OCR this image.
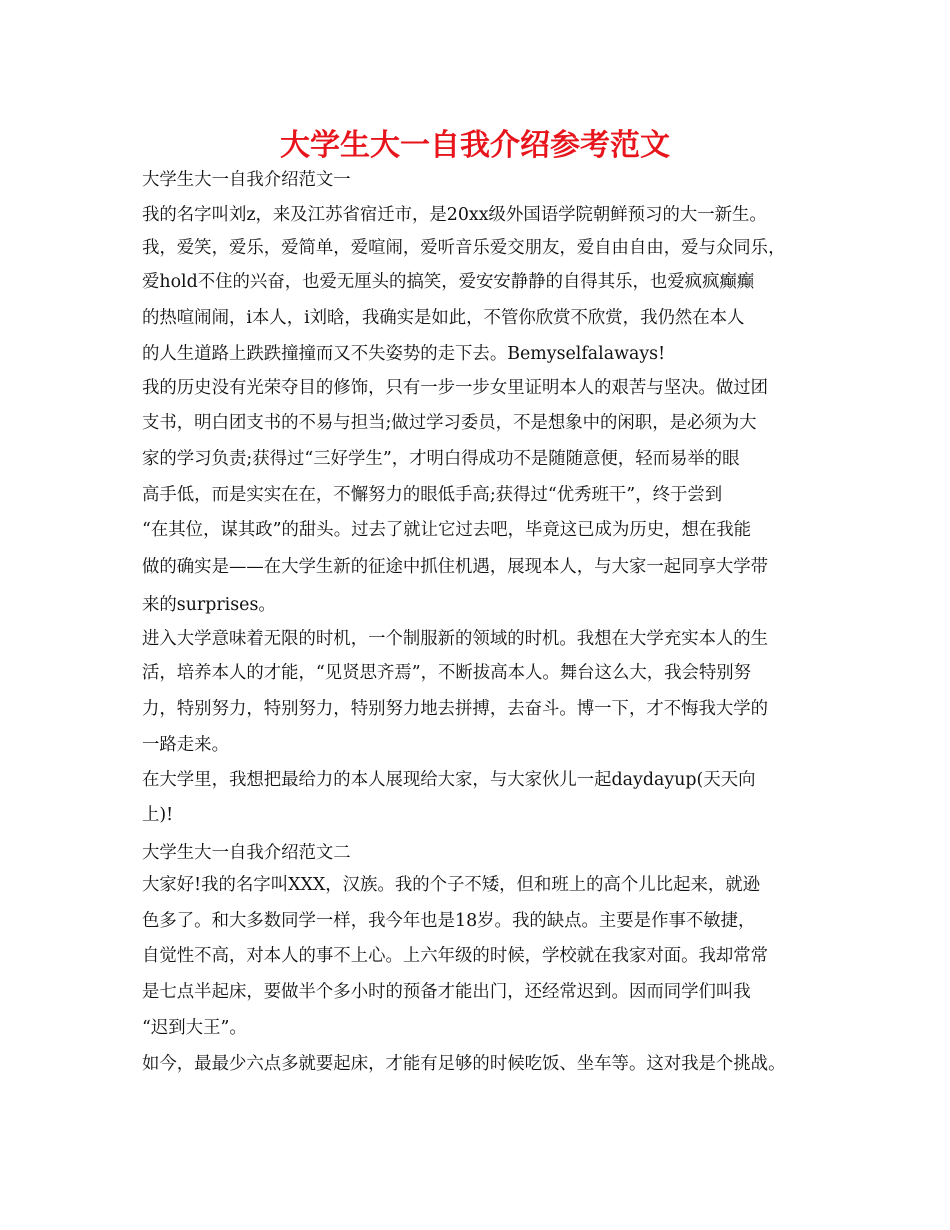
大学生大一自我介绍参考范文
大学生大一自我介绍范文一
我的名字叫刘z，来及江苏省宿迁市，是20xx级外国语学院朝鲜预习的大一新生。
我，爱笑，爱乐，爱简单，爱喧闹，爱听音乐爱交朋友，爱自由自由，爱与众同乐，
爱hold不住的兴奋，也爱无厘头的搞笑，爱安安静静的自得其乐，也爱疯疯癫癫
的热喧闹闹，i本人，i刘晗，我确实是如此，不管你欣赏不欣赏，我仍然在本人
的人生道路上跌跌撞撞而又不失姿势的走下去。Bemyselfalaways!
我的历史没有光荣夺目的修饰，只有一步一步女里证明本人的艰苦与坚决。做过团
支书，明白团支书的不易与担当;做过学习委员，不是想象中的闲职，是必须为大
家的学习负责;获得过“三好学生”，才明白得成功不是随随意便，轻而易举的眼
高手低，而是实实在在，不懈努力的眼低手高;获得过“优秀班干”，终于尝到
“在其位，谋其政”的甜头。过去了就让它过去吧，毕竟这已成为历史，想在我能
做的确实是——在大学生新的征途中抓住机遇，展现本人，与大家一起同享大学带
来的surprises。
进入大学意味着无限的时机，一个制服新的领域的时机。我想在大学充实本人的生
活，培养本人的才能，“见贤思齐焉”，不断拔高本人。舞台这么大，我会特别努
力，特别努力，特别努力，特别努力地去拼搏，去奋斗。博一下，才不悔我大学的
一路走来。
在大学里，我想把最给力的本人展现给大家，与大家伙儿一起daydayup(天天向
上)!
大学生大一自我介绍范文二
大家好!我的名字叫XXX，汉族。我的个子不矮，但和班上的高个儿比起来，就逊
色多了。和大多数同学一样，我今年也是18岁。我的缺点。主要是作事不敏捷，
自觉性不高，对本人的事不上心。上六年级的时候，学校就在我家对面。我却常常
是七点半起床，要做半个多小时的预备才能出门，还经常迟到。因而同学们叫我
“迟到大王”。
如今，最最少六点多就要起床，才能有足够的时候吃饭、坐车等。这对我是个挑战。
